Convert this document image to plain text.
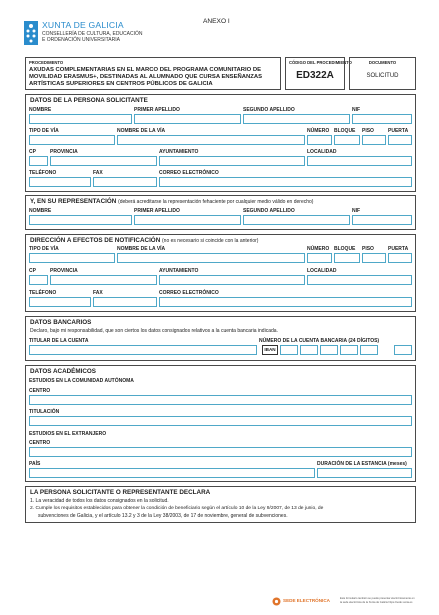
XUNTA DE GALICIA
CONSELLERÍA DE CULTURA, EDUCACIÓN
E ORDENACIÓN UNIVERSITARIA
ANEXO I
PROCEDIMENTO
AXUDAS COMPLEMENTARIAS EN EL MARCO DEL PROGRAMA COMUNITARIO DE
MOVILIDAD ERASMUS+, DESTINADAS AL ALUMNADO QUE CURSA ENSEÑANZAS
ARTÍSTICAS SUPERIORES EN CENTROS PÚBLICOS DE GALICIA
CÓDIGO DEL PROCEDIMIENTO
ED322A
DOCUMENTO
SOLICITUD
DATOS DE LA PERSONA SOLICITANTE
NOMBRE	PRIMER APELLIDO	SEGUNDO APELLIDO	NIF
TIPO DE VÍA	NOMBRE DE LA VÍA	NÚMERO BLOQUE PISO	PUERTA
CP	PROVINCIA	AYUNTAMIENTO	LOCALIDAD
TELÉFONO	FAX	CORREO ELECTRÓNICO
Y, EN SU REPRESENTACIÓN (deberá acreditarse la representación fehaciente por cualquier medio válido en derecho)
NOMBRE	PRIMER APELLIDO	SEGUNDO APELLIDO	NIF
DIRECCIÓN A EFECTOS DE NOTIFICACIÓN (no es necesario si coincide con la anterior)
TIPO DE VÍA	NOMBRE DE LA VÍA	NÚMERO BLOQUE PISO	PUERTA
CP	PROVINCIA	AYUNTAMIENTO	LOCALIDAD
TELÉFONO	FAX	CORREO ELECTRÓNICO
DATOS BANCARIOS
Declaro, bajo mi responsabilidad, que son ciertos los datos consignados relativos a la cuenta bancaria indicada.
TITULAR DE LA CUENTA	NÚMERO DE LA CUENTA BANCARIA (24 DÍGITOS)
IBAN
DATOS ACADÉMICOS
ESTUDIOS EN LA COMUNIDAD AUTÓNOMA
CENTRO
TITULACIÓN
ESTUDIOS EN EL EXTRANJERO
CENTRO
PAÍS	DURACIÓN DE LA ESTANCIA (meses)
LA PERSONA SOLICITANTE O REPRESENTANTE DECLARA
1. La veracidad de todos los datos consignados en la solicitud.
2. Cumple los requisitos establecidos para obtener la condición de beneficiario según el artículo 10 de la Ley 9/2007, de 13 de junio, de
subvenciones de Galicia, y el artículo 13.2 y 3 de la Ley 38/2003, de 17 de noviembre, general de subvenciones.
SEDE ELECTRÓNICA	Este formulario también se puede presentar electrónicamente en
la sede electrónica de la Xunta de Galicia https://sede.xunta.es
